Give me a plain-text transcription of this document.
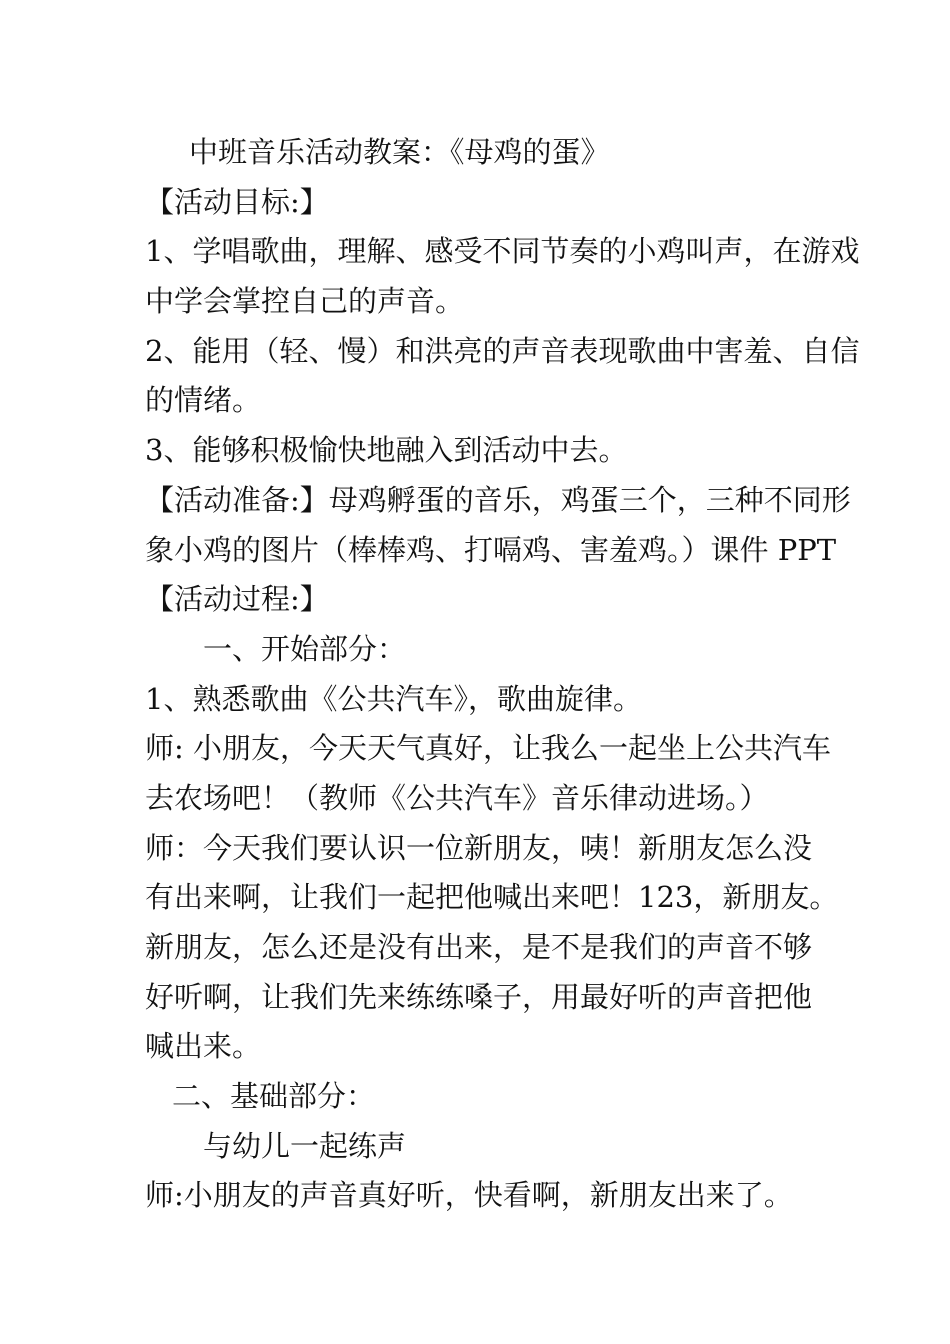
中班音乐活动教案：《母鸡的蛋》
【活动目标:】
1、学唱歌曲，理解、感受不同节奏的小鸡叫声，在游戏
中学会掌控自己的声音。
2、能用（轻、慢）和洪亮的声音表现歌曲中害羞、自信
的情绪。
3、能够积极愉快地融入到活动中去。
【活动准备:】母鸡孵蛋的音乐，鸡蛋三个，三种不同形
象小鸡的图片（棒棒鸡、打嗝鸡、害羞鸡。）课件 PPT
【活动过程:】
一、开始部分：
1、熟悉歌曲《公共汽车》，歌曲旋律。
师: 小朋友，今天天气真好，让我么一起坐上公共汽车
去农场吧！（教师《公共汽车》音乐律动进场。）
师：今天我们要认识一位新朋友，咦！新朋友怎么没
有出来啊，让我们一起把他喊出来吧！123，新朋友。
新朋友，怎么还是没有出来，是不是我们的声音不够
好听啊，让我们先来练练嗓子，用最好听的声音把他
喊出来。
二、基础部分：
与幼儿一起练声
师:小朋友的声音真好听，快看啊，新朋友出来了。
